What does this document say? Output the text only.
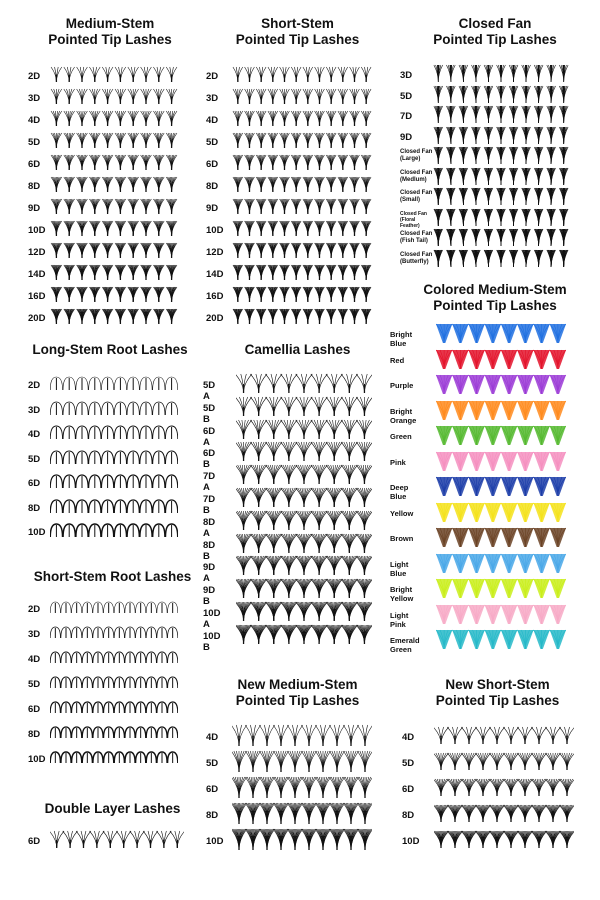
Medium-Stem
Pointed Tip Lashes
2D
3D
4D
5D
6D
8D
9D
10D
12D
14D
16D
20D
Short-Stem
Pointed Tip Lashes
2D
3D
4D
5D
6D
8D
9D
10D
12D
14D
16D
20D
Closed Fan
Pointed Tip Lashes
3D
5D
7D
9D
Closed Fan (Large)
Closed Fan (Medlum)
Closed Fan (Small)
Closed Fan (Floral Feather)
Closed Fan (Fish Tail)
Closed Fan (Butterfly)
Colored Medium-Stem
Pointed Tip Lashes
Bright Blue
Red
Purple
Bright Orange
Green
Pink
Deep Blue
Yellow
Brown
Light Blue
Bright Yellow
Light Pink
Emerald Green
Long-Stem Root Lashes
2D
3D
4D
5D
6D
8D
10D
Camellia Lashes
5D A
5D B
6D A
6D B
7D A
7D B
8D A
8D B
9D A
9D B
10D A
10D B
Short-Stem Root Lashes
2D
3D
4D
5D
6D
8D
10D
Double Layer Lashes
6D
New Medium-Stem
Pointed Tip Lashes
4D
5D
6D
8D
10D
New Short-Stem
Pointed Tip Lashes
4D
5D
6D
8D
10D
